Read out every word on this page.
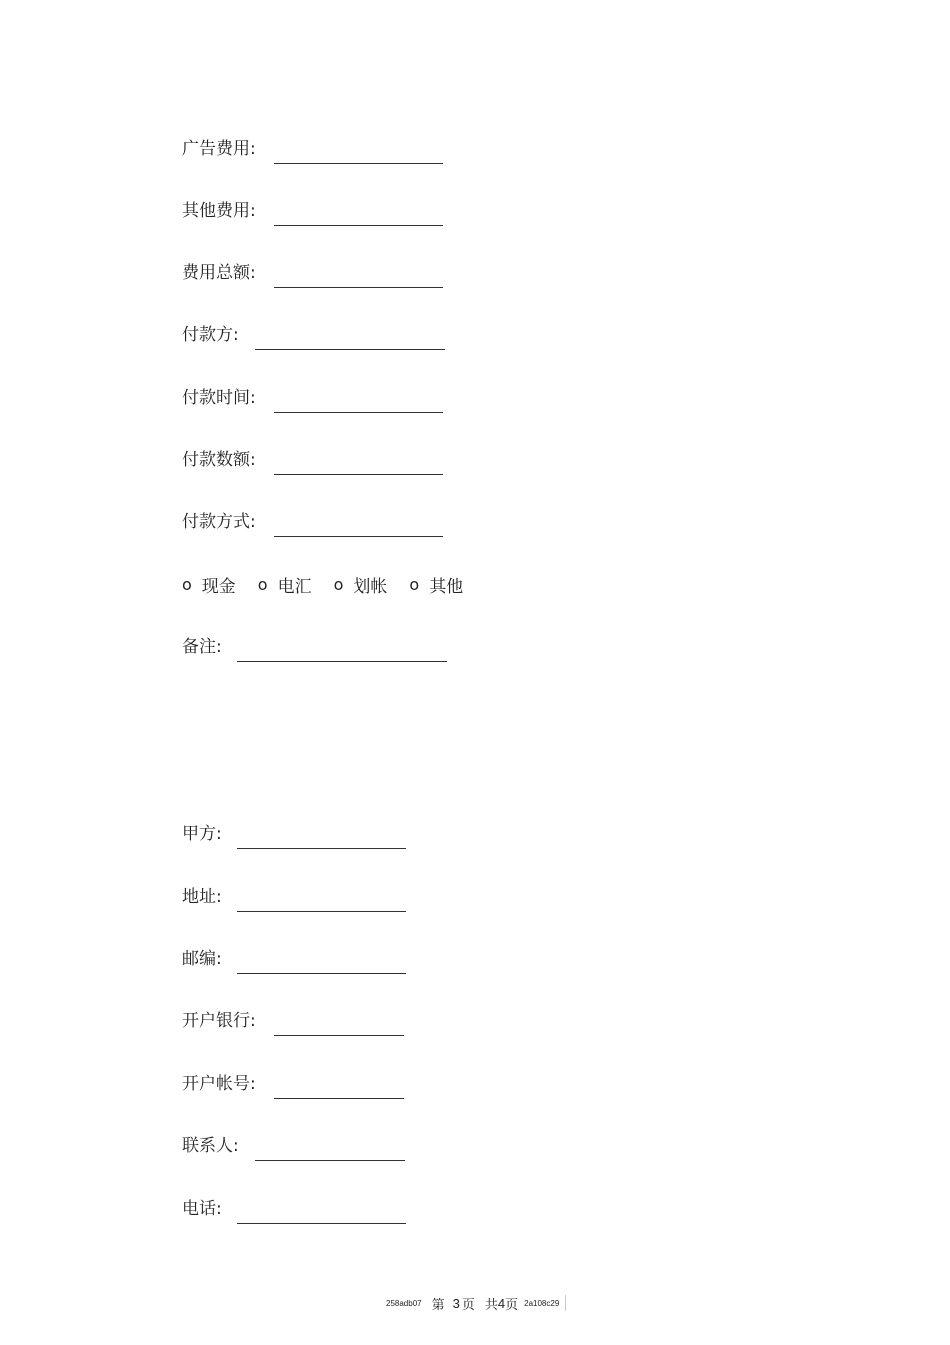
广告费用:
其他费用:
费用总额:
付款方:
付款时间:
付款数额:
付款方式:
o 现金 o 电汇 o 划帐 o 其他
备注:
甲方:
地址:
邮编:
开户银行:
开户帐号:
联系人:
电话:
258adb07 第 3 页 共 4 页 2a108c29
